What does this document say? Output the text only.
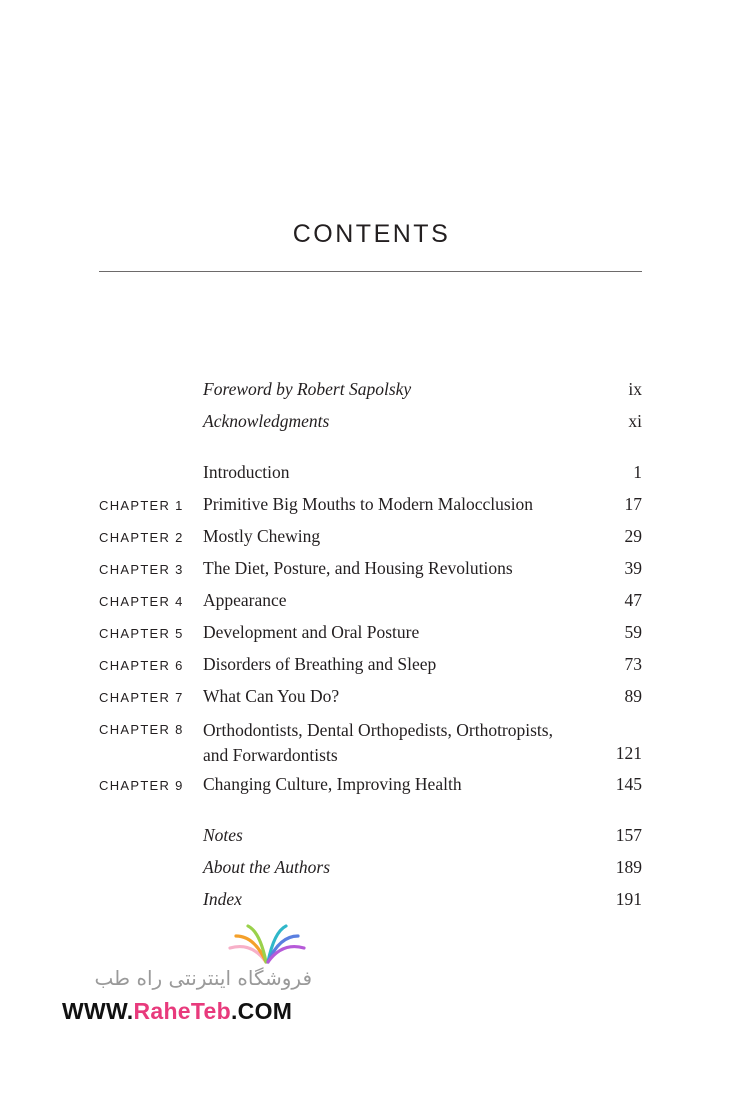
CONTENTS
Foreword by Robert Sapolsky	ix
Acknowledgments	xi
Introduction	1
CHAPTER 1 Primitive Big Mouths to Modern Malocclusion	17
CHAPTER 2 Mostly Chewing	29
CHAPTER 3 The Diet, Posture, and Housing Revolutions	39
CHAPTER 4 Appearance	47
CHAPTER 5 Development and Oral Posture	59
CHAPTER 6 Disorders of Breathing and Sleep	73
CHAPTER 7 What Can You Do?	89
CHAPTER 8 Orthodontists, Dental Orthopedists, Orthotropists,
and Forwardontists	121
CHAPTER 9 Changing Culture, Improving Health	145
Notes	157
About the Authors	189
Index	191
فروشگاه اینترنتی راه طب
WWW.RaheTeb.COM
